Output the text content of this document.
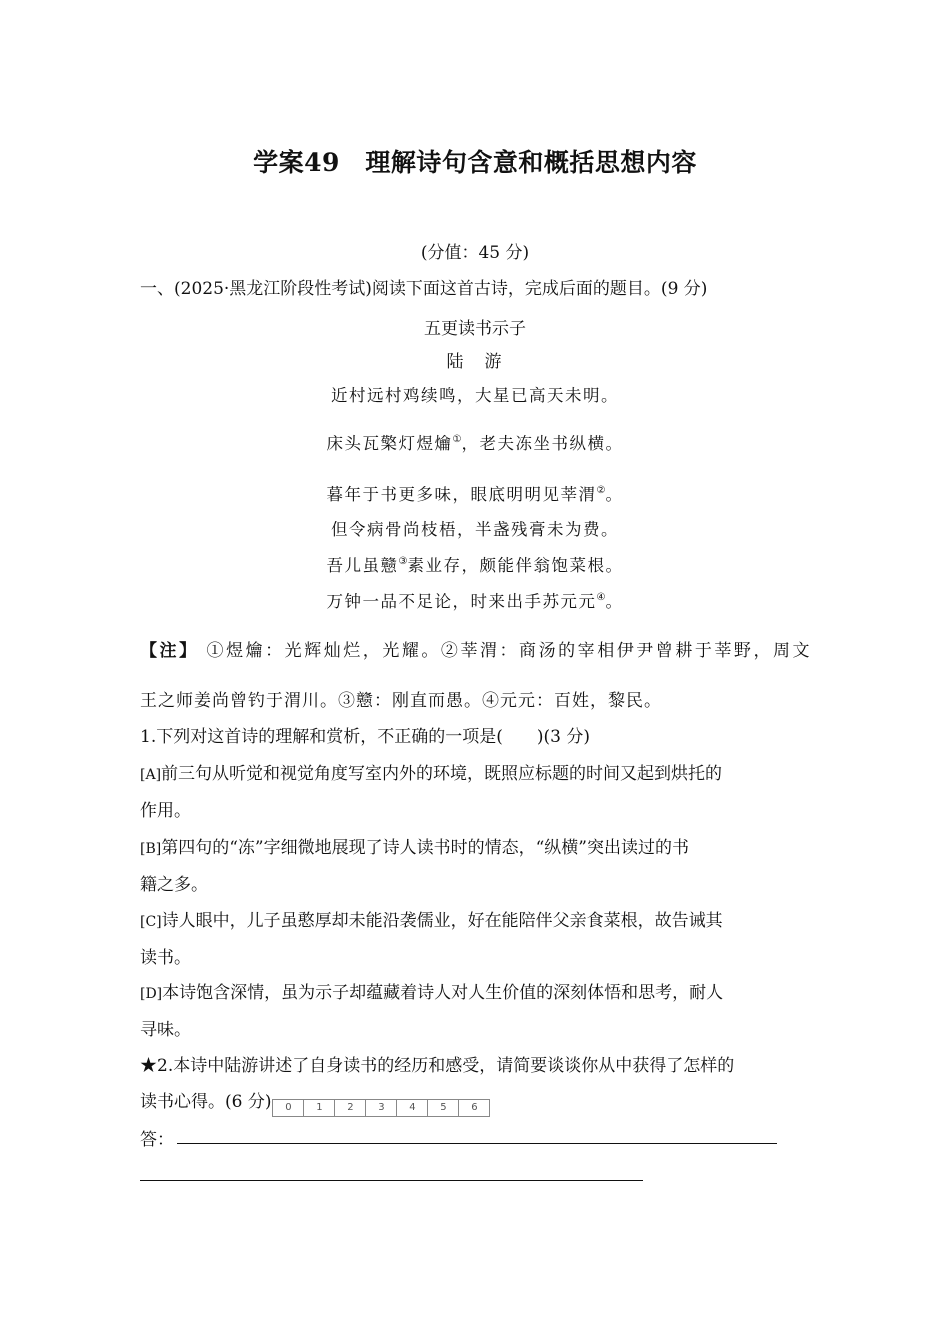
学案49　理解诗句含意和概括思想内容
(分值：45 分)
一、(2025·黑龙江阶段性考试)阅读下面这首古诗，完成后面的题目。(9 分)
五更读书示子
陆　游
近村远村鸡续鸣，大星已高天未明。
床头瓦檠灯煜爚①，老夫冻坐书纵横。
暮年于书更多味，眼底明明见莘渭②。
但令病骨尚枝梧，半盏残膏未为费。
吾儿虽戆③素业存，颇能伴翁饱菜根。
万钟一品不足论，时来出手苏元元④。
【注】 ①煜爚：光辉灿烂，光耀。②莘渭：商汤的宰相伊尹曾耕于莘野，周文
王之师姜尚曾钓于渭川。③戆：刚直而愚。④元元：百姓，黎民。
1.下列对这首诗的理解和赏析，不正确的一项是(　　)(3 分)
[A]前三句从听觉和视觉角度写室内外的环境，既照应标题的时间又起到烘托的
作用。
[B]第四句的“冻”字细微地展现了诗人读书时的情态，“纵横”突出读过的书
籍之多。
[C]诗人眼中，儿子虽憨厚却未能沿袭儒业，好在能陪伴父亲食菜根，故告诫其
读书。
[D]本诗饱含深情，虽为示子却蕴藏着诗人对人生价值的深刻体悟和思考，耐人
寻味。
★2.本诗中陆游讲述了自身读书的经历和感受，请简要谈谈你从中获得了怎样的
读书心得。(6 分) 0 1 2 3 4 5 6
答：
